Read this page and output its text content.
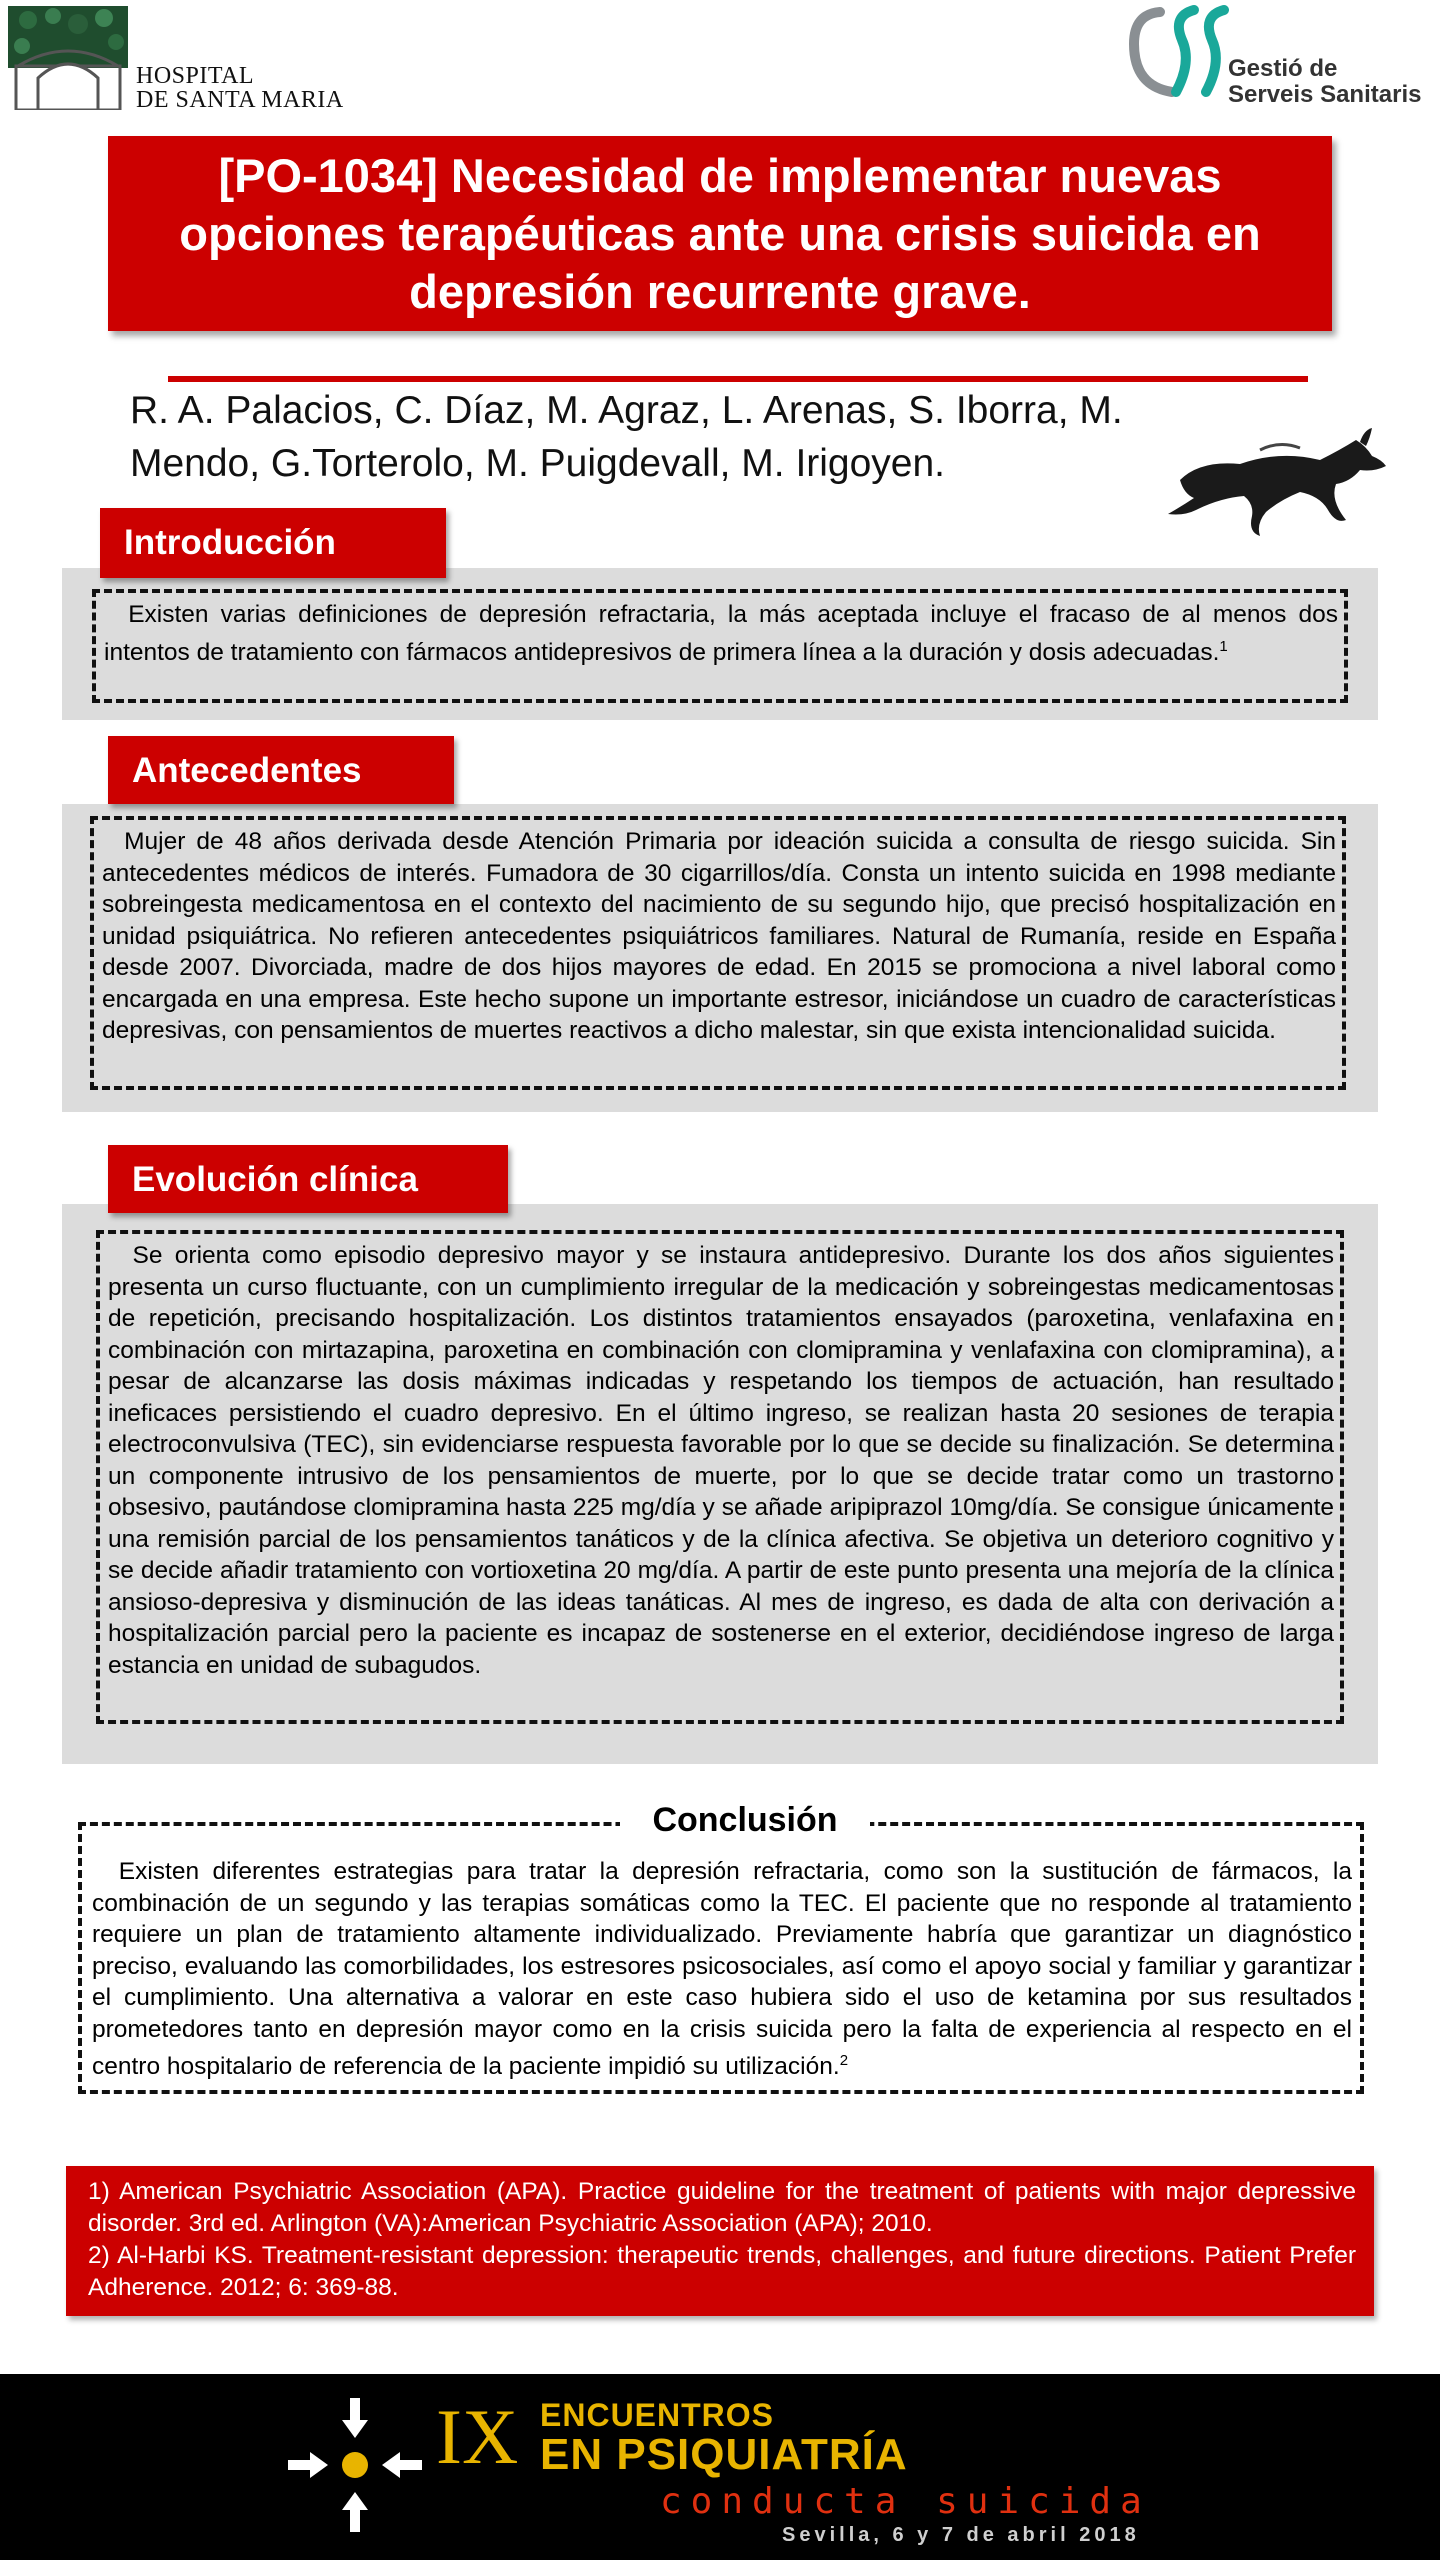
HOSPITAL
DE SANTA MARIA
Gestió de
Serveis Sanitaris
[PO-1034] Necesidad de implementar nuevas opciones terapéuticas ante una crisis suicida en depresión recurrente grave.
R. A. Palacios, C. Díaz, M. Agraz, L. Arenas, S. Iborra, M. Mendo, G.Torterolo, M. Puigdevall, M. Irigoyen.
Introducción
Existen varias definiciones de depresión refractaria, la más aceptada incluye el fracaso de al menos dos intentos de tratamiento con fármacos antidepresivos de primera línea a la duración y dosis adecuadas.$^1$
Antecedentes
Mujer de 48 años derivada desde Atención Primaria por ideación suicida a consulta de riesgo suicida. Sin antecedentes médicos de interés. Fumadora de 30 cigarrillos/día. Consta un intento suicida en 1998 mediante sobreingesta medicamentosa en el contexto del nacimiento de su segundo hijo, que precisó hospitalización en unidad psiquiátrica. No refieren antecedentes psiquiátricos familiares. Natural de Rumanía, reside en España desde 2007. Divorciada, madre de dos hijos mayores de edad. En 2015 se promociona a nivel laboral como encargada en una empresa. Este hecho supone un importante estresor, iniciándose un cuadro de características depresivas, con pensamientos de muertes reactivos a dicho malestar, sin que exista intencionalidad suicida.
Evolución clínica
Se orienta como episodio depresivo mayor y se instaura antidepresivo. Durante los dos años siguientes presenta un curso fluctuante, con un cumplimiento irregular de la medicación y sobreingestas medicamentosas de repetición, precisando hospitalización. Los distintos tratamientos ensayados (paroxetina, venlafaxina en combinación con mirtazapina, paroxetina en combinación con clomipramina y venlafaxina con clomipramina), a pesar de alcanzarse las dosis máximas indicadas y respetando los tiempos de actuación, han resultado ineficaces persistiendo el cuadro depresivo. En el último ingreso, se realizan hasta 20 sesiones de terapia electroconvulsiva (TEC), sin evidenciarse respuesta favorable por lo que se decide su finalización. Se determina un componente intrusivo de los pensamientos de muerte, por lo que se decide tratar como un trastorno obsesivo, pautándose clomipramina hasta 225 mg/día y se añade aripiprazol 10mg/día. Se consigue únicamente una remisión parcial de los pensamientos tanáticos y de la clínica afectiva. Se objetiva un deterioro cognitivo y se decide añadir tratamiento con vortioxetina 20 mg/día. A partir de este punto presenta una mejoría de la clínica ansioso-depresiva y disminución de las ideas tanáticas. Al mes de ingreso, es dada de alta con derivación a hospitalización parcial pero la paciente es incapaz de sostenerse en el exterior, decidiéndose ingreso de larga estancia en unidad de subagudos.
Existen diferentes estrategias para tratar la depresión refractaria, como son la sustitución de fármacos, la combinación de un segundo y las terapias somáticas como la TEC. El paciente que no responde al tratamiento requiere un plan de tratamiento altamente individualizado. Previamente habría que garantizar un diagnóstico preciso, evaluando las comorbilidades, los estresores psicosociales, así como el apoyo social y familiar y garantizar el cumplimiento. Una alternativa a valorar en este caso hubiera sido el uso de ketamina por sus resultados prometedores tanto en depresión mayor como en la crisis suicida pero la falta de experiencia al respecto en el centro hospitalario de referencia de la paciente impidió su utilización.$^2$
Conclusión
1) American Psychiatric Association (APA). Practice guideline for the treatment of patients with major depressive disorder. 3rd ed. Arlington (VA):American Psychiatric Association (APA); 2010.
2) Al-Harbi KS. Treatment-resistant depression: therapeutic trends, challenges, and future directions. Patient Prefer Adherence. 2012; 6: 369-88.
IX ENCUENTROS
EN PSIQUIATRÍA
conducta suicida
Sevilla, 6 y 7 de abril 2018
